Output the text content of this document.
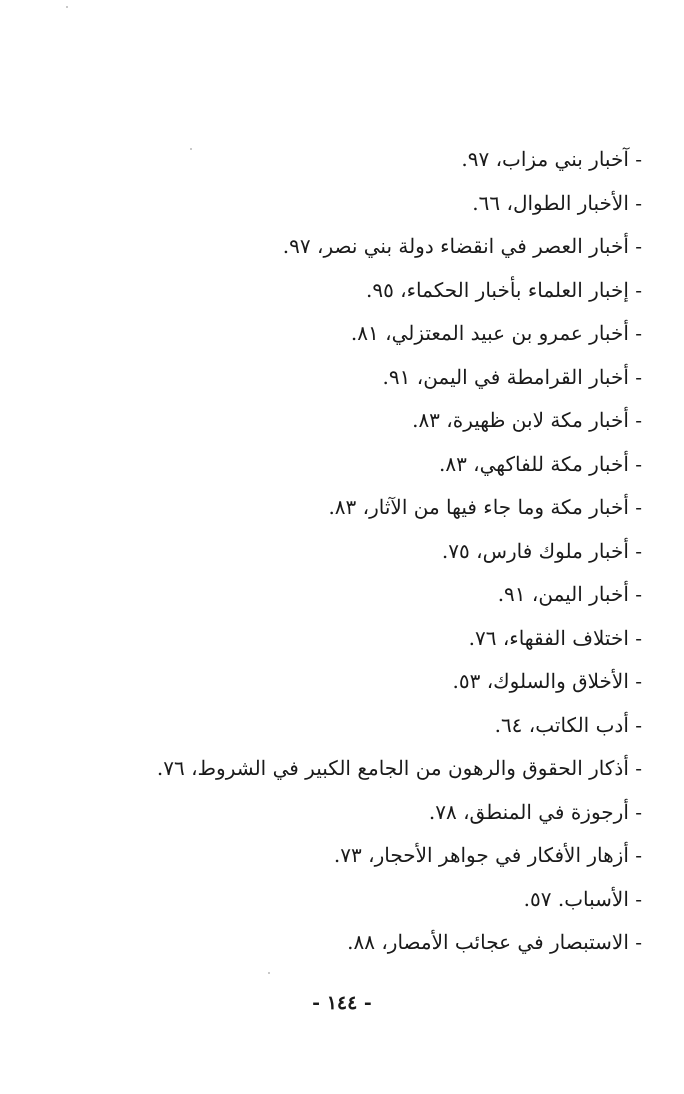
- آخبار بني مزاب، ٩٧.
- الأخبار الطوال، ٦٦.
- أخبار العصر في انقضاء دولة بني نصر، ٩٧.
- إخبار العلماء بأخبار الحكماء، ٩٥.
- أخبار عمرو بن عبيد المعتزلي، ٨١.
- أخبار القرامطة في اليمن، ٩١.
- أخبار مكة لابن ظهيرة، ٨٣.
- أخبار مكة للفاكهي، ٨٣.
- أخبار مكة وما جاء فيها من الآثار، ٨٣.
- أخبار ملوك فارس، ٧٥.
- أخبار اليمن، ٩١.
- اختلاف الفقهاء، ٧٦.
- الأخلاق والسلوك، ٥٣.
- أدب الكاتب، ٦٤.
- أذكار الحقوق والرهون من الجامع الكبير في الشروط، ٧٦.
- أرجوزة في المنطق، ٧٨.
- أزهار الأفكار في جواهر الأحجار، ٧٣.
- الأسباب. ٥٧.
- الاستبصار في عجائب الأمصار، ٨٨.
- ١٤٤ -
